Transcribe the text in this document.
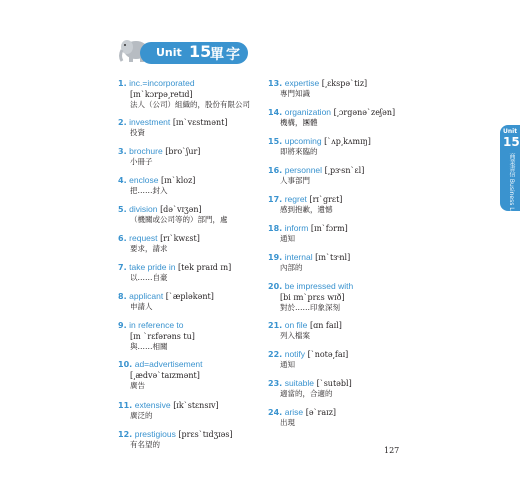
Unit 15
單字
1. inc.=incorporated
[ɪnˋkɔrpə͵retɪd]
法人（公司）組織的，股份有限公司
2. investment [ɪnˋvɛstmənt]
投資
3. brochure [broˋʃur]
小冊子
4. enclose [ɪnˋkloz]
把……封入
5. division [dəˋvɪʒən]
（機關或公司等的）部門，處
6. request [rɪˋkwɛst]
要求，請求
7. take pride in [tek praɪd ɪn]
以……自豪
8. applicant [ˋæpləkənt]
申請人
9. in reference to
[ɪn ˋrɛfərəns tu]
與……相關
10. ad=advertisement
[͵ædvəˋtaɪzmənt]
廣告
11. extensive [ɪkˋstɛnsɪv]
廣泛的
12. prestigious [prɛsˋtɪdʒɪəs]
有名望的
13. expertise [͵ɛkspəˋtiz]
專門知識
14. organization [͵ɔrgənəˋzeʃən]
機構，團體
15. upcoming [ˋʌp͵kʌmɪŋ]
即將來臨的
16. personnel [͵pɝsnˋɛl]
人事部門
17. regret [rɪˋgrɛt]
感到抱歉，遺憾
18. inform [ɪnˋfɔrm]
通知
19. internal [ɪnˋtɝnl]
內部的
20. be impressed with
[bi ɪmˋprɛs wɪð]
對於……印象深刻
21. on file [ɑn faɪl]
列入檔案
22. notify [ˋnotə͵faɪ]
通知
23. suitable [ˋsutəbl]
適當的，合適的
24. arise [əˋraɪz]
出現
Unit
15
商業書信 Business Letters
127
